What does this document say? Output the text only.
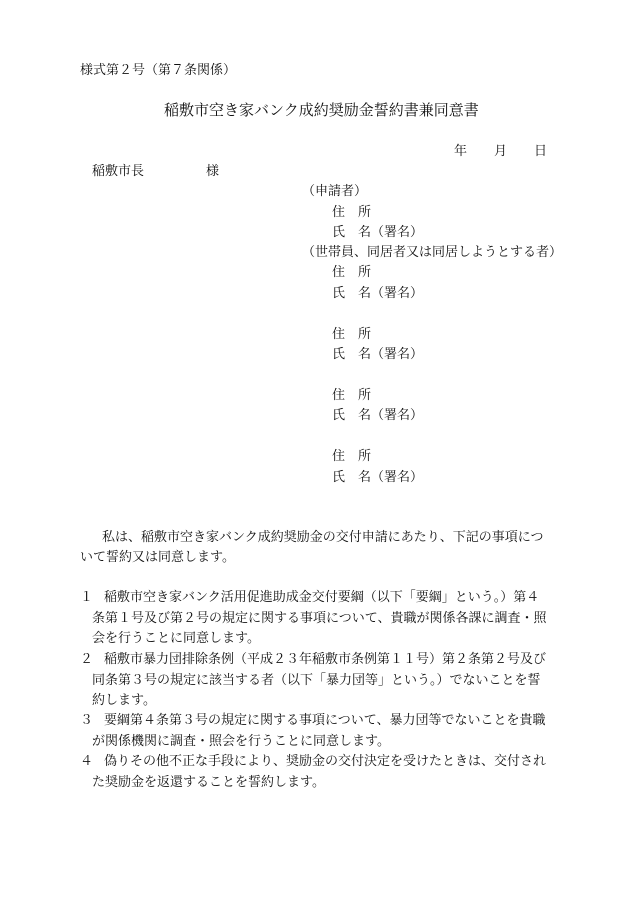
様式第２号（第７条関係）
稲敷市空き家バンク成約奨励金誓約書兼同意書
年 月 日
稲敷市長	様
（申請者）
住　所
氏　名（署名）
（世帯員、同居者又は同居しようとする者）
住　所
氏　名（署名）
住　所
氏　名（署名）
住　所
氏　名（署名）
住　所
氏　名（署名）
私は、稲敷市空き家バンク成約奨励金の交付申請にあたり、下記の事項について誓約又は同意します。
１ 稲敷市空き家バンク活用促進助成金交付要綱（以下「要綱」という。）第４条第１号及び第２号の規定に関する事項について、貴職が関係各課に調査・照会を行うことに同意します。
２ 稲敷市暴力団排除条例（平成２３年稲敷市条例第１１号）第２条第２号及び同条第３号の規定に該当する者（以下「暴力団等」という。）でないことを誓約します。
３ 要綱第４条第３号の規定に関する事項について、暴力団等でないことを貴職が関係機関に調査・照会を行うことに同意します。
４ 偽りその他不正な手段により、奨励金の交付決定を受けたときは、交付された奨励金を返還することを誓約します。
